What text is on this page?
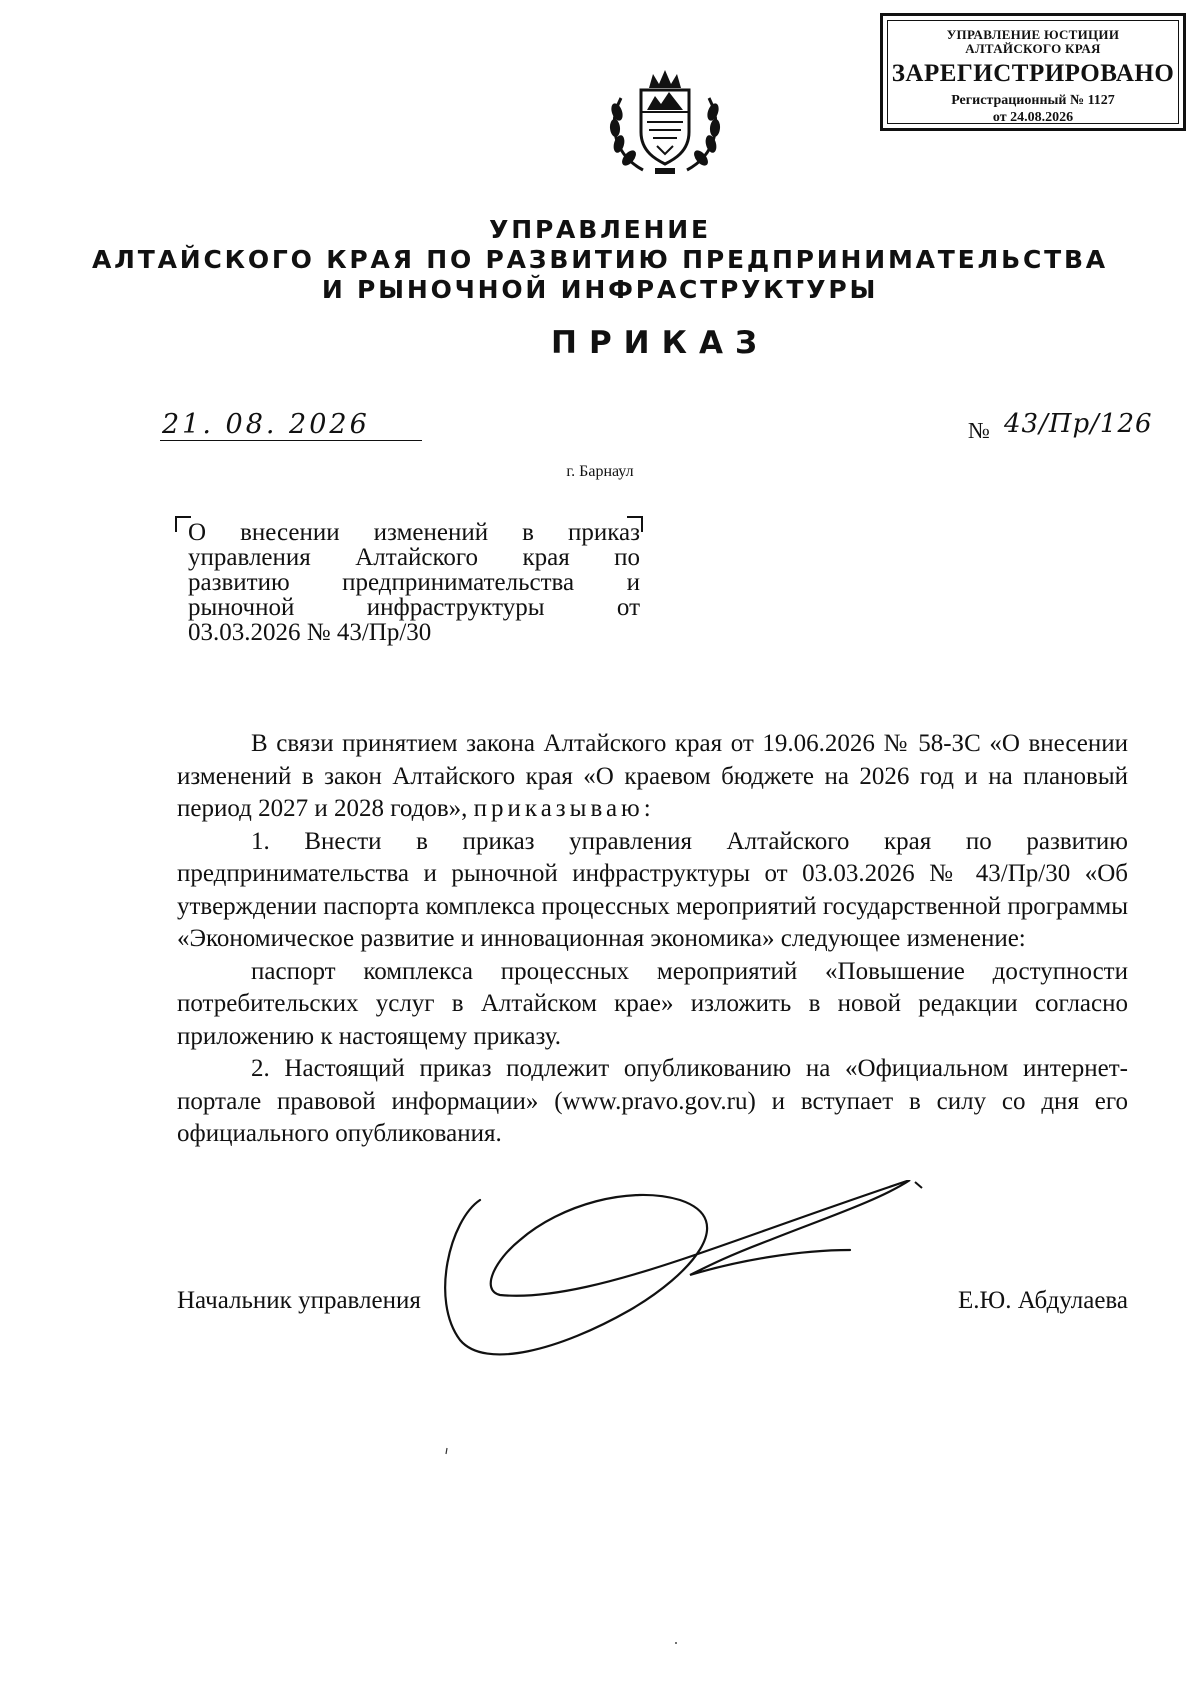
УПРАВЛЕНИЕ ЮСТИЦИИ
АЛТАЙСКОГО КРАЯ
ЗАРЕГИСТРИРОВАНО
Регистрационный № 1127
от 24.08.2026
УПРАВЛЕНИЕ
АЛТАЙСКОГО КРАЯ ПО РАЗВИТИЮ ПРЕДПРИНИМАТЕЛЬСТВА
И РЫНОЧНОЙ ИНФРАСТРУКТУРЫ
ПРИКАЗ
21. 08. 2026	№ 43/Пр/126
г. Барнаул
О внесении изменений в приказ
управления Алтайского края по
развитию предпринимательства и
рыночной инфраструктуры от
03.03.2026 № 43/Пр/30

В связи принятием закона Алтайского края от 19.06.2026 № 58-ЗС «О внесении изменений в закон Алтайского края «О краевом бюджете на 2026 год и на плановый период 2027 и 2028 годов», приказываю:

1. Внести в приказ управления Алтайского края по развитию предпринимательства и рыночной инфраструктуры от 03.03.2026 № 43/Пр/30 «Об утверждении паспорта комплекса процессных мероприятий государственной программы «Экономическое развитие и инновационная экономика» следующее изменение:

паспорт комплекса процессных мероприятий «Повышение доступности потребительских услуг в Алтайском крае» изложить в новой редакции согласно приложению к настоящему приказу.

2. Настоящий приказ подлежит опубликованию на «Официальном интернет-портале правовой информации» (www.pravo.gov.ru) и вступает в силу со дня его официального опубликования.

Начальник управления	Е.Ю. Абдулаева
